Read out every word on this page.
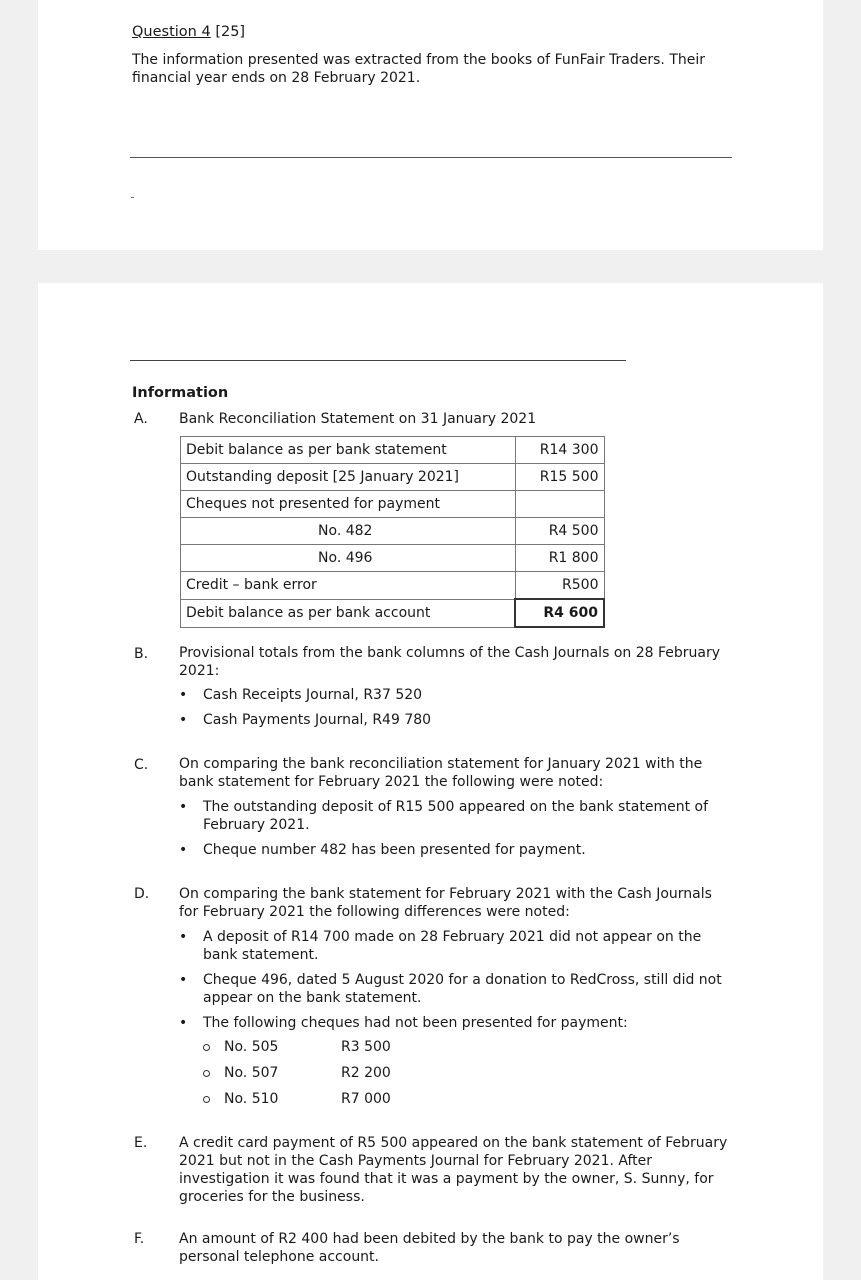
Question 4 [25]
The information presented was extracted from the books of FunFair Traders. Their financial year ends on 28 February 2021.
Information
A. Bank Reconciliation Statement on 31 January 2021
Debit balance as per bank statement	R14 300
Outstanding deposit [25 January 2021]	R15 500
Cheques not presented for payment	
No. 482	R4 500
No. 496	R1 800
Credit – bank error	R500
Debit balance as per bank account	R4 600
B. Provisional totals from the bank columns of the Cash Journals on 28 February 2021:
• Cash Receipts Journal, R37 520
• Cash Payments Journal, R49 780
C. On comparing the bank reconciliation statement for January 2021 with the bank statement for February 2021 the following were noted:
• The outstanding deposit of R15 500 appeared on the bank statement of February 2021.
• Cheque number 482 has been presented for payment.
D. On comparing the bank statement for February 2021 with the Cash Journals for February 2021 the following differences were noted:
• A deposit of R14 700 made on 28 February 2021 did not appear on the bank statement.
• Cheque 496, dated 5 August 2020 for a donation to RedCross, still did not appear on the bank statement.
• The following cheques had not been presented for payment:
No. 505	R3 500
No. 507	R2 200
No. 510	R7 000
E. A credit card payment of R5 500 appeared on the bank statement of February 2021 but not in the Cash Payments Journal for February 2021. After investigation it was found that it was a payment by the owner, S. Sunny, for groceries for the business.
F. An amount of R2 400 had been debited by the bank to pay the owner’s personal telephone account.
